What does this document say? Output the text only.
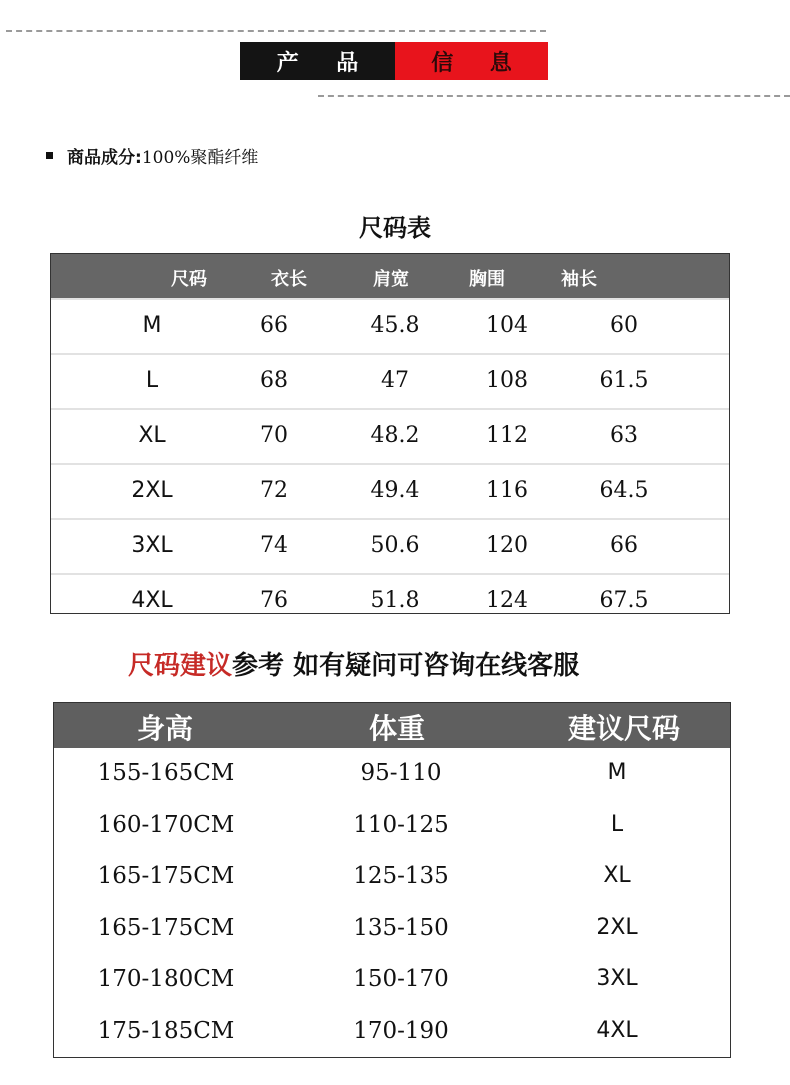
产 品	信 息
商品成分: 100%聚酯纤维
尺码表
尺码	衣长	肩宽	胸围	袖长
M	66	45.8	104	60
L	68	47	108	61.5
XL	70	48.2	112	63
2XL	72	49.4	116	64.5
3XL	74	50.6	120	66
4XL	76	51.8	124	67.5
尺码建议参考 如有疑问可咨询在线客服
身高	体重	建议尺码
155-165CM	95-110	M
160-170CM	110-125	L
165-175CM	125-135	XL
165-175CM	135-150	2XL
170-180CM	150-170	3XL
175-185CM	170-190	4XL
